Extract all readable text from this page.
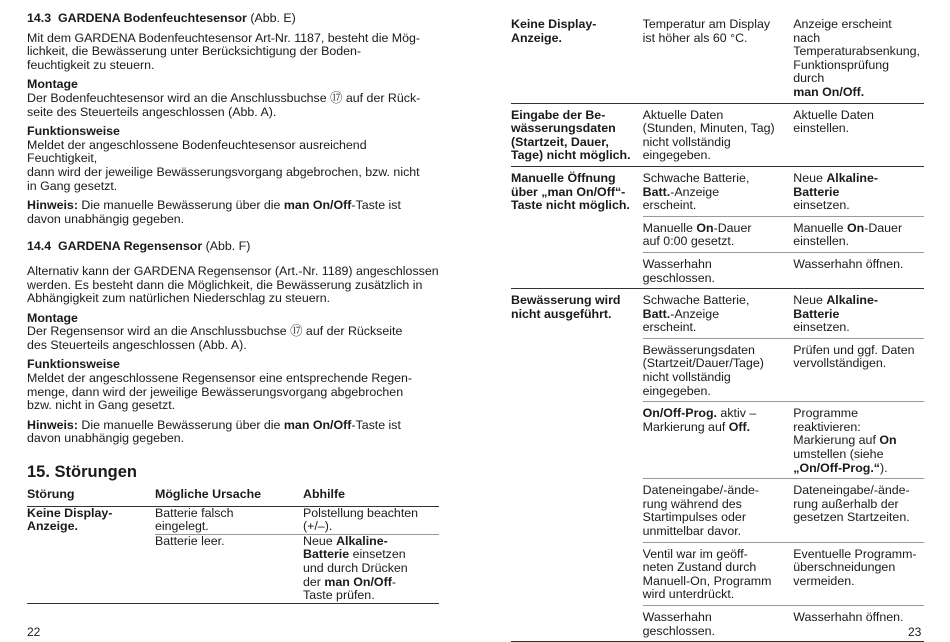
14.3 GARDENA Bodenfeuchtesensor (Abb. E)

Mit dem GARDENA Bodenfeuchtesensor Art-Nr. 1187, besteht die Mög-
lichkeit, die Bewässerung unter Berücksichtigung der Boden-
feuchtigkeit zu steuern.

Montage

Der Bodenfeuchtesensor wird an die Anschlussbuchse ⑰ auf der Rück-
seite des Steuerteils angeschlossen (Abb. A).

Funktionsweise

Meldet der angeschlossene Bodenfeuchtesensor ausreichend Feuchtigkeit,
dann wird der jeweilige Bewässerungsvorgang abgebrochen, bzw. nicht
in Gang gesetzt.

Hinweis: Die manuelle Bewässerung über die man On/Off-Taste ist
davon unabhängig gegeben.

14.4 GARDENA Regensensor (Abb. F)

Alternativ kann der GARDENA Regensensor (Art.-Nr. 1189) angeschlossen
werden. Es besteht dann die Möglichkeit, die Bewässerung zusätzlich in
Abhängigkeit zum natürlichen Niederschlag zu steuern.

Montage

Der Regensensor wird an die Anschlussbuchse ⑰ auf der Rückseite
des Steuerteils angeschlossen (Abb. A).

Funktionsweise

Meldet der angeschlossene Regensensor eine entsprechende Regen-
menge, dann wird der jeweilige Bewässerungsvorgang abgebrochen
bzw. nicht in Gang gesetzt.

Hinweis: Die manuelle Bewässerung über die man On/Off-Taste ist
davon unabhängig gegeben.

15. Störungen
Störung	Mögliche Ursache	Abhilfe
Keine Display-
Anzeige.	Batterie falsch
eingelegt.	Polstellung beachten
(+/–).
	Batterie leer.	Neue Alkaline-
Batterie einsetzen
und durch Drücken
der man On/Off-
Taste prüfen.

22
Keine Display-
Anzeige.	Temperatur am Display
ist höher als 60 °C.	Anzeige erscheint nach
Temperaturabsenkung,
Funktionsprüfung durch
man On/Off.
Eingabe der Be-
wässerungsdaten
(Startzeit, Dauer,
Tage) nicht möglich.	Aktuelle Daten
(Stunden, Minuten, Tag)
nicht vollständig
eingegeben.	Aktuelle Daten
einstellen.
Manuelle Öffnung
über „man On/Off“-
Taste nicht möglich.	Schwache Batterie,
Batt.-Anzeige
erscheint.	Neue Alkaline-Batterie
einsetzen.
	Manuelle On-Dauer
auf 0:00 gesetzt.	Manuelle On-Dauer
einstellen.
	Wasserhahn
geschlossen.	Wasserhahn öffnen.
Bewässerung wird
nicht ausgeführt.	Schwache Batterie,
Batt.-Anzeige
erscheint.	Neue Alkaline-Batterie
einsetzen.
	Bewässerungsdaten
(Startzeit/Dauer/Tage)
nicht vollständig
eingegeben.	Prüfen und ggf. Daten
vervollständigen.
	On/Off-Prog. aktiv –
Markierung auf Off.	Programme reaktivieren:
Markierung auf On
umstellen (siehe
„On/Off-Prog.“).
	Dateneingabe/-ände-
rung während des
Startimpulses oder
unmittelbar davor.	Dateneingabe/-ände-
rung außerhalb der
gesetzen Startzeiten.
	Ventil war im geöff-
neten Zustand durch
Manuell-On, Programm
wird unterdrückt.	Eventuelle Programm-
überschneidungen
vermeiden.
	Wasserhahn
geschlossen.	Wasserhahn öffnen.

23
